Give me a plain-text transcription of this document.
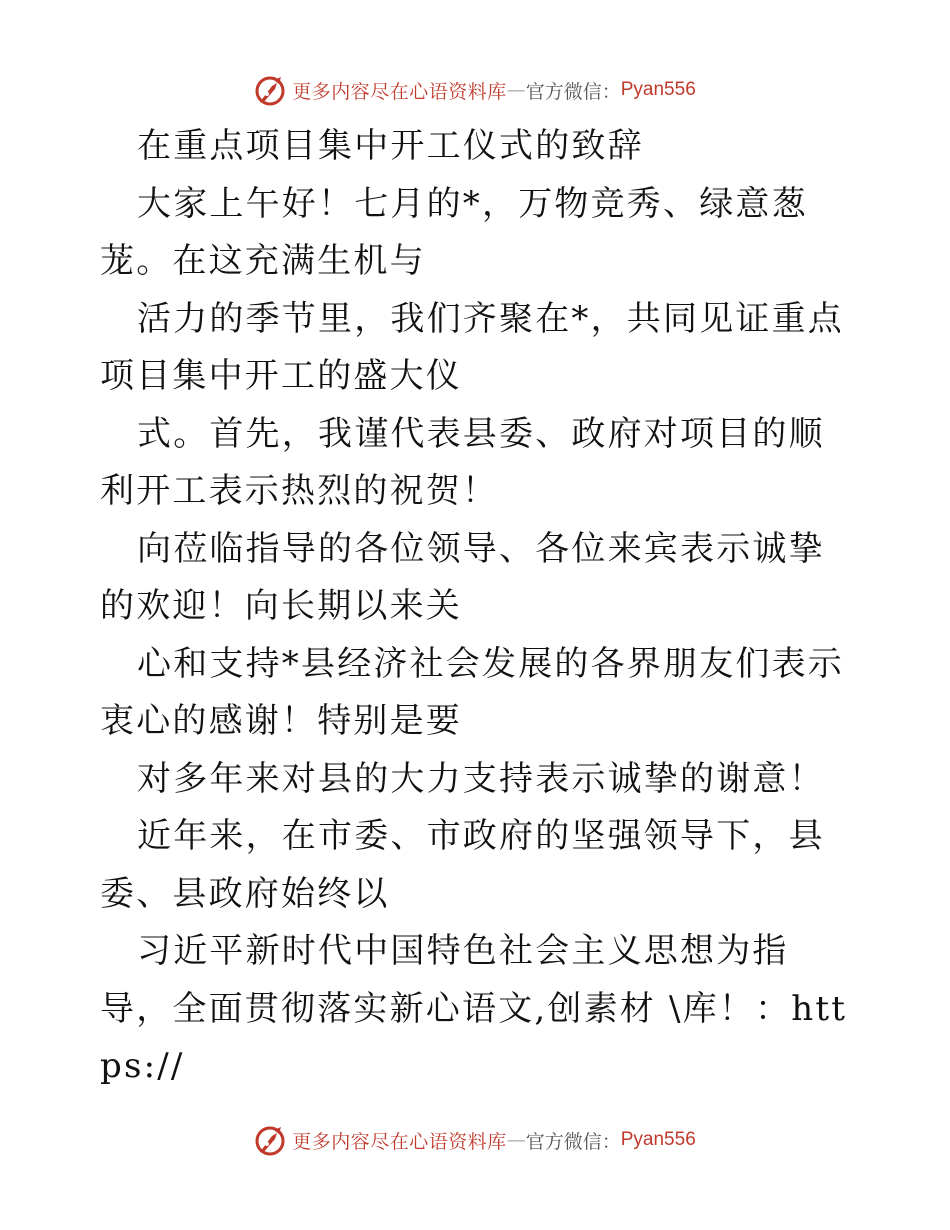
更多内容尽在心语资料库 — 官方微信： Pyan556

在重点项目集中开工仪式的致辞

大家上午好！七月的*，万物竞秀、绿意葱茏。在这充满生机与

活力的季节里，我们齐聚在*，共同见证重点项目集中开工的盛大仪

式。首先，我谨代表县委、政府对项目的顺利开工表示热烈的祝贺！

向莅临指导的各位领导、各位来宾表示诚挚的欢迎！向长期以来关

心和支持*县经济社会发展的各界朋友们表示衷心的感谢！特别是要

对多年来对县的大力支持表示诚挚的谢意！

近年来，在市委、市政府的坚强领导下，县委、县政府始终以

习近平新时代中国特色社会主义思想为指导，全面贯彻落实新心语文,创素材 \库！：https://

更多内容尽在心语资料库 — 官方微信： Pyan556
